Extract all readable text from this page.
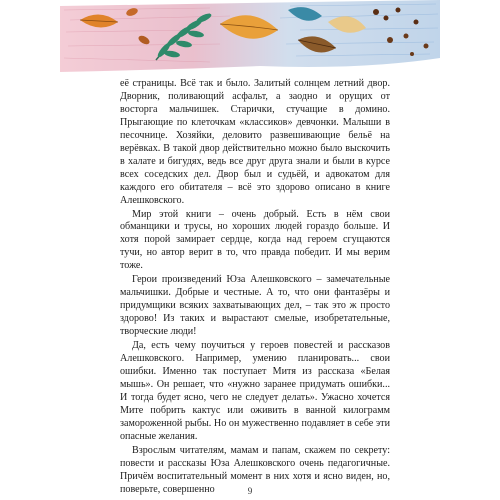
её страницы. Всё так и было. Залитый солнцем летний двор. Дворник, поливающий асфальт, а заодно и орущих от восторга мальчишек. Старички, стучащие в домино. Прыгающие по клеточкам «классиков» девчонки. Малыши в песочнице. Хозяйки, деловито развешивающие бельё на верёвках. В такой двор действительно можно было выскочить в халате и бигудях, ведь все друг друга знали и были в курсе всех соседских дел. Двор был и судьёй, и адвокатом для каждого его обитателя – всё это здорово описано в книге Алешковского.

Мир этой книги – очень добрый. Есть в нём свои обманщики и трусы, но хороших людей гораздо больше. И хотя порой замирает сердце, когда над героем сгущаются тучи, но автор верит в то, что правда победит. И мы верим тоже.

Герои произведений Юза Алешковского – замечательные мальчишки. Добрые и честные. А то, что они фантазёры и придумщики всяких захватывающих дел, – так это ж просто здорово! Из таких и вырастают смелые, изобретательные, творческие люди!

Да, есть чему поучиться у героев повестей и рассказов Алешковского. Например, умению планировать... свои ошибки. Именно так поступает Митя из рассказа «Белая мышь». Он решает, что «нужно заранее придумать ошибки... И тогда будет ясно, чего не следует делать». Ужасно хочется Мите побрить кактус или оживить в ванной килограмм замороженной рыбы. Но он мужественно подавляет в себе эти опасные желания.

Взрослым читателям, мамам и папам, скажем по секрету: повести и рассказы Юза Алешковского очень педагогичные. Причём воспитательный момент в них хотя и ясно виден, но, поверьте, совершенно	9
